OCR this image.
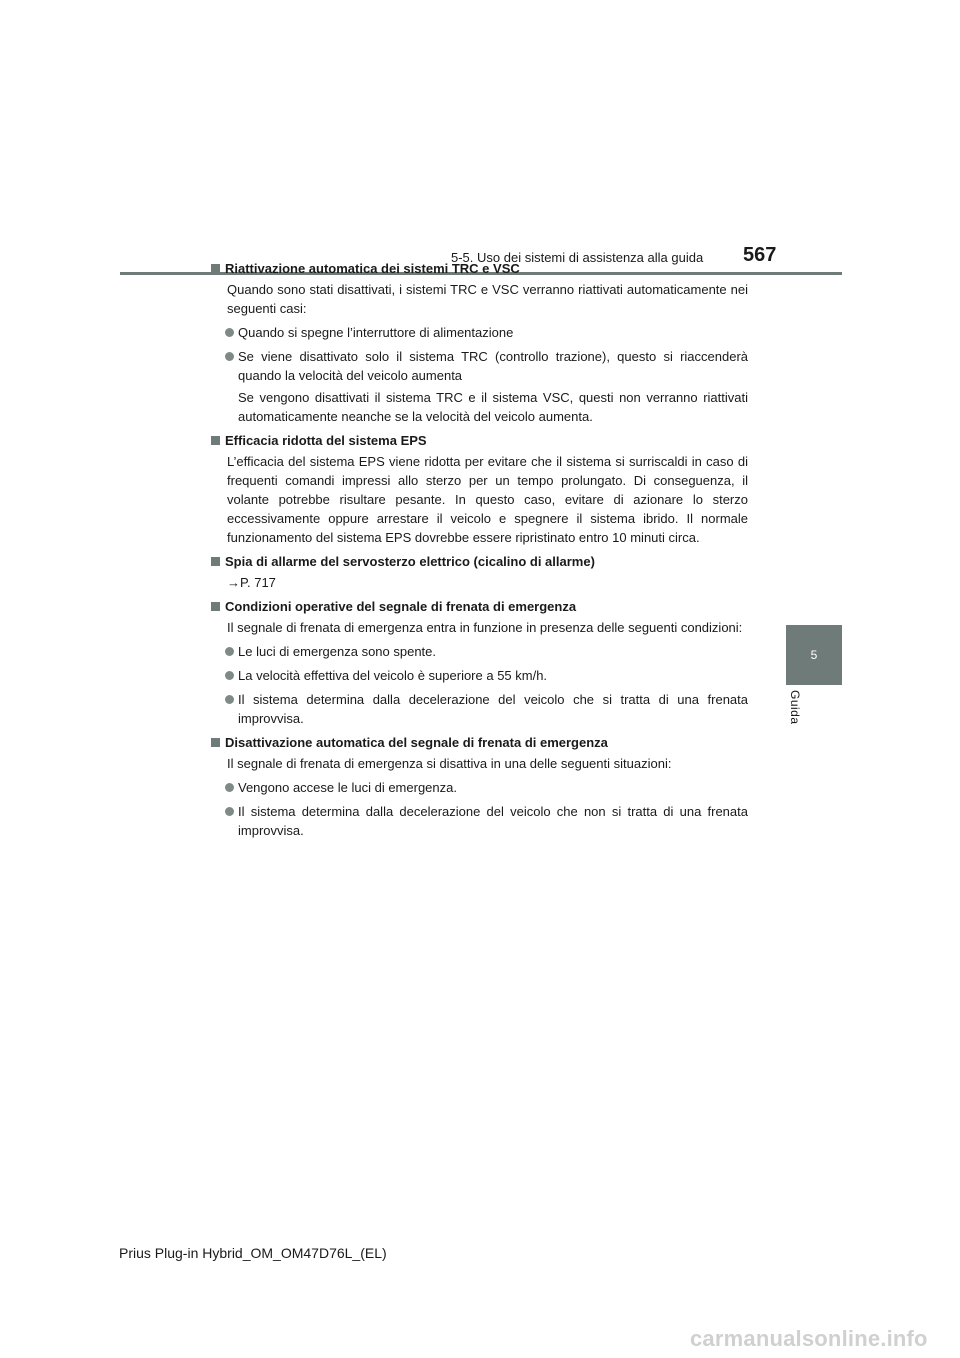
5-5. Uso dei sistemi di assistenza alla guida 567
5
Guida
Riattivazione automatica dei sistemi TRC e VSC
Quando sono stati disattivati, i sistemi TRC e VSC verranno riattivati automaticamente nei seguenti casi:
Quando si spegne l’interruttore di alimentazione
Se viene disattivato solo il sistema TRC (controllo trazione), questo si riaccenderà quando la velocità del veicolo aumenta
Se vengono disattivati il sistema TRC e il sistema VSC, questi non verranno riattivati automaticamente neanche se la velocità del veicolo aumenta.
Efficacia ridotta del sistema EPS
L’efficacia del sistema EPS viene ridotta per evitare che il sistema si surriscaldi in caso di frequenti comandi impressi allo sterzo per un tempo prolungato. Di conseguenza, il volante potrebbe risultare pesante. In questo caso, evitare di azionare lo sterzo eccessivamente oppure arrestare il veicolo e spegnere il sistema ibrido. Il normale funzionamento del sistema EPS dovrebbe essere ripristinato entro 10 minuti circa.
Spia di allarme del servosterzo elettrico (cicalino di allarme)
→P. 717
Condizioni operative del segnale di frenata di emergenza
Il segnale di frenata di emergenza entra in funzione in presenza delle seguenti condizioni:
Le luci di emergenza sono spente.
La velocità effettiva del veicolo è superiore a 55 km/h.
Il sistema determina dalla decelerazione del veicolo che si tratta di una frenata improvvisa.
Disattivazione automatica del segnale di frenata di emergenza
Il segnale di frenata di emergenza si disattiva in una delle seguenti situazioni:
Vengono accese le luci di emergenza.
Il sistema determina dalla decelerazione del veicolo che non si tratta di una frenata improvvisa.
Prius Plug-in Hybrid_OM_OM47D76L_(EL)
carmanualsonline.info
